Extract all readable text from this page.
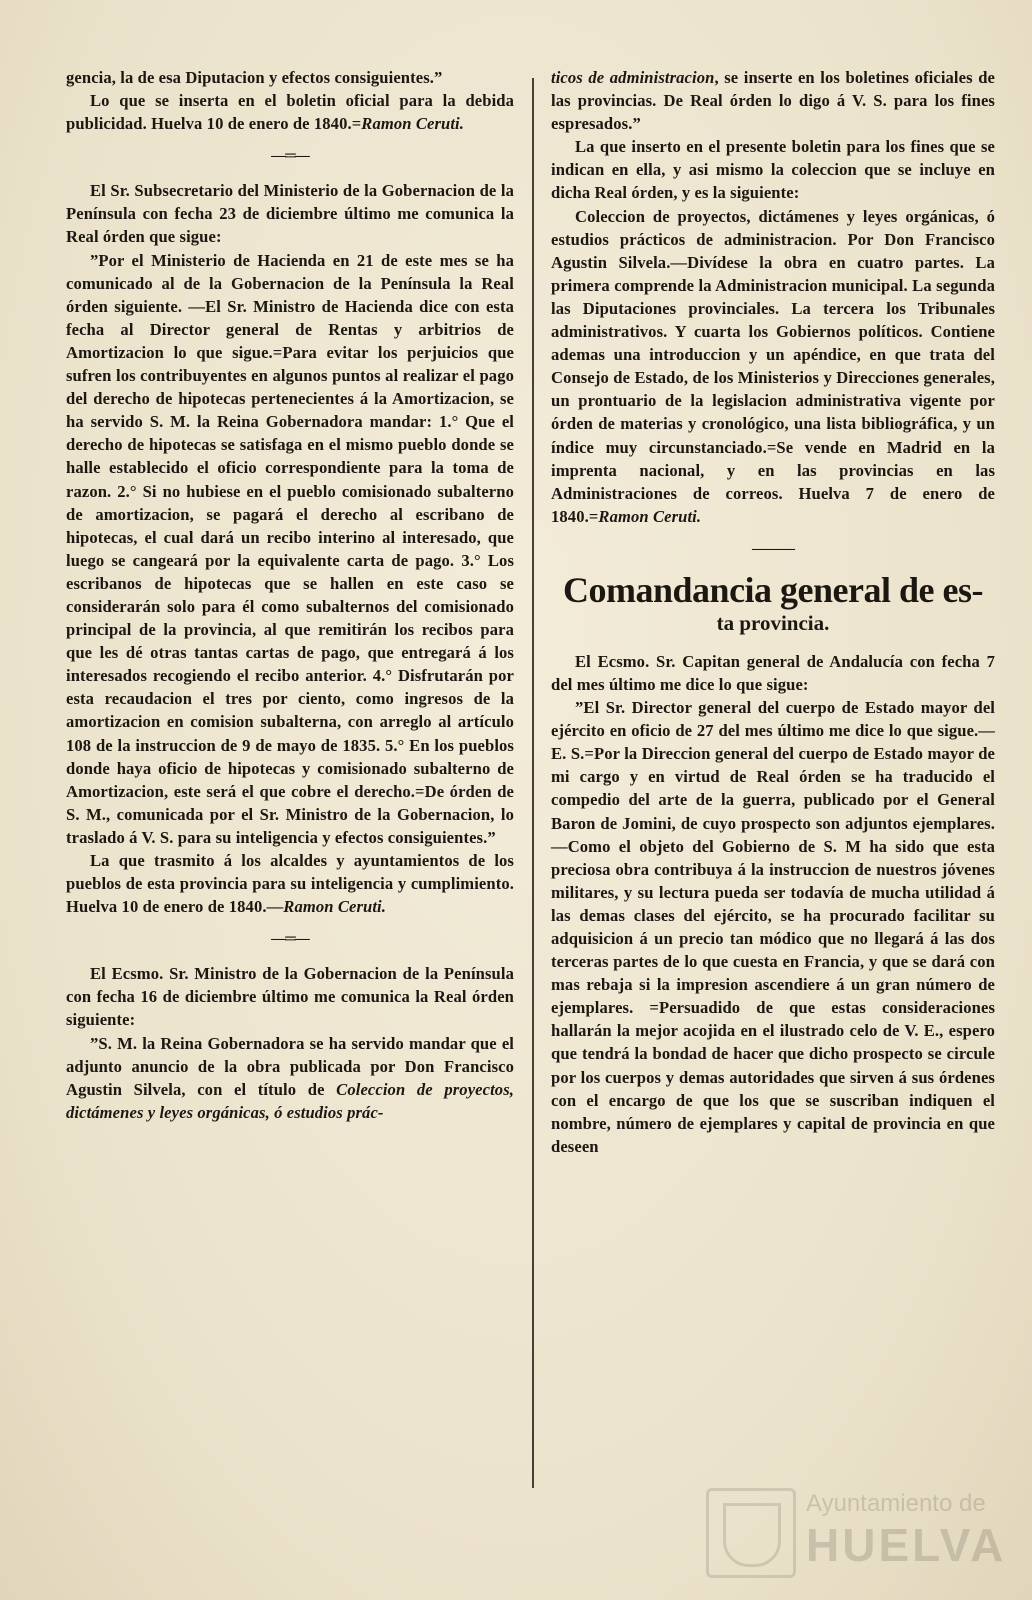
gencia, la de esa Diputacion y efectos consiguientes.”

Lo que se inserta en el boletin oficial para la debida publicidad. Huelva 10 de enero de 1840.=Ramon Ceruti.

—═—

El Sr. Subsecretario del Ministerio de la Gobernacion de la Península con fecha 23 de diciembre último me comunica la Real órden que sigue:

”Por el Ministerio de Hacienda en 21 de este mes se ha comunicado al de la Gobernacion de la Península la Real órden siguiente. —El Sr. Ministro de Hacienda dice con esta fecha al Director general de Rentas y arbitrios de Amortizacion lo que sigue.=Para evitar los perjuicios que sufren los contribuyentes en algunos puntos al realizar el pago del derecho de hipotecas pertenecientes á la Amortizacion, se ha servido S. M. la Reina Gobernadora mandar: 1.° Que el derecho de hipotecas se satisfaga en el mismo pueblo donde se halle establecido el oficio correspondiente para la toma de razon. 2.° Si no hubiese en el pueblo comisionado subalterno de amortizacion, se pagará el derecho al escribano de hipotecas, el cual dará un recibo interino al interesado, que luego se cangeará por la equivalente carta de pago. 3.° Los escribanos de hipotecas que se hallen en este caso se considerarán solo para él como subalternos del comisionado principal de la provincia, al que remitirán los recibos para que les dé otras tantas cartas de pago, que entregará á los interesados recogiendo el recibo anterior. 4.° Disfrutarán por esta recaudacion el tres por ciento, como ingresos de la amortizacion en comision subalterna, con arreglo al artículo 108 de la instruccion de 9 de mayo de 1835. 5.° En los pueblos donde haya oficio de hipotecas y comisionado subalterno de Amortizacion, este será el que cobre el derecho.=De órden de S. M., comunicada por el Sr. Ministro de la Gobernacion, lo traslado á V. S. para su inteligencia y efectos consiguientes.”

La que trasmito á los alcaldes y ayuntamientos de los pueblos de esta provincia para su inteligencia y cumplimiento. Huelva 10 de enero de 1840.—Ramon Ceruti.

—═—

El Ecsmo. Sr. Ministro de la Gobernacion de la Península con fecha 16 de diciembre último me comunica la Real órden siguiente:

”S. M. la Reina Gobernadora se ha servido mandar que el adjunto anuncio de la obra publicada por Don Francisco Agustin Silvela, con el título de Coleccion de proyectos, dictámenes y leyes orgánicas, ó estudios prác-

ticos de administracion, se inserte en los boletines oficiales de las provincias. De Real órden lo digo á V. S. para los fines espresados.”

La que inserto en el presente boletin para los fines que se indican en ella, y asi mismo la coleccion que se incluye en dicha Real órden, y es la siguiente:

Coleccion de proyectos, dictámenes y leyes orgánicas, ó estudios prácticos de administracion. Por Don Francisco Agustin Silvela.—Divídese la obra en cuatro partes. La primera comprende la Administracion municipal. La segunda las Diputaciones provinciales. La tercera los Tribunales administrativos. Y cuarta los Gobiernos políticos. Contiene ademas una introduccion y un apéndice, en que trata del Consejo de Estado, de los Ministerios y Direcciones generales, un prontuario de la legislacion administrativa vigente por órden de materias y cronológico, una lista bibliográfica, y un índice muy circunstanciado.=Se vende en Madrid en la imprenta nacional, y en las provincias en las Administraciones de correos. Huelva 7 de enero de 1840.=Ramon Ceruti.

———
Comandancia general de es-
ta provincia.

El Ecsmo. Sr. Capitan general de Andalucía con fecha 7 del mes último me dice lo que sigue:

”El Sr. Director general del cuerpo de Estado mayor del ejército en oficio de 27 del mes último me dice lo que sigue.—E. S.=Por la Direccion general del cuerpo de Estado mayor de mi cargo y en virtud de Real órden se ha traducido el compedio del arte de la guerra, publicado por el General Baron de Jomini, de cuyo prospecto son adjuntos ejemplares.—Como el objeto del Gobierno de S. M ha sido que esta preciosa obra contribuya á la instruccion de nuestros jóvenes militares, y su lectura pueda ser todavía de mucha utilidad á las demas clases del ejército, se ha procurado facilitar su adquisicion á un precio tan módico que no llegará á las dos terceras partes de lo que cuesta en Francia, y que se dará con mas rebaja si la impresion ascendiere á un gran número de ejemplares. =Persuadido de que estas consideraciones hallarán la mejor acojida en el ilustrado celo de V. E., espero que tendrá la bondad de hacer que dicho prospecto se circule por los cuerpos y demas autoridades que sirven á sus órdenes con el encargo de que los que se suscriban indiquen el nombre, número de ejemplares y capital de provincia en que deseen

Ayuntamiento de
HUELVA
